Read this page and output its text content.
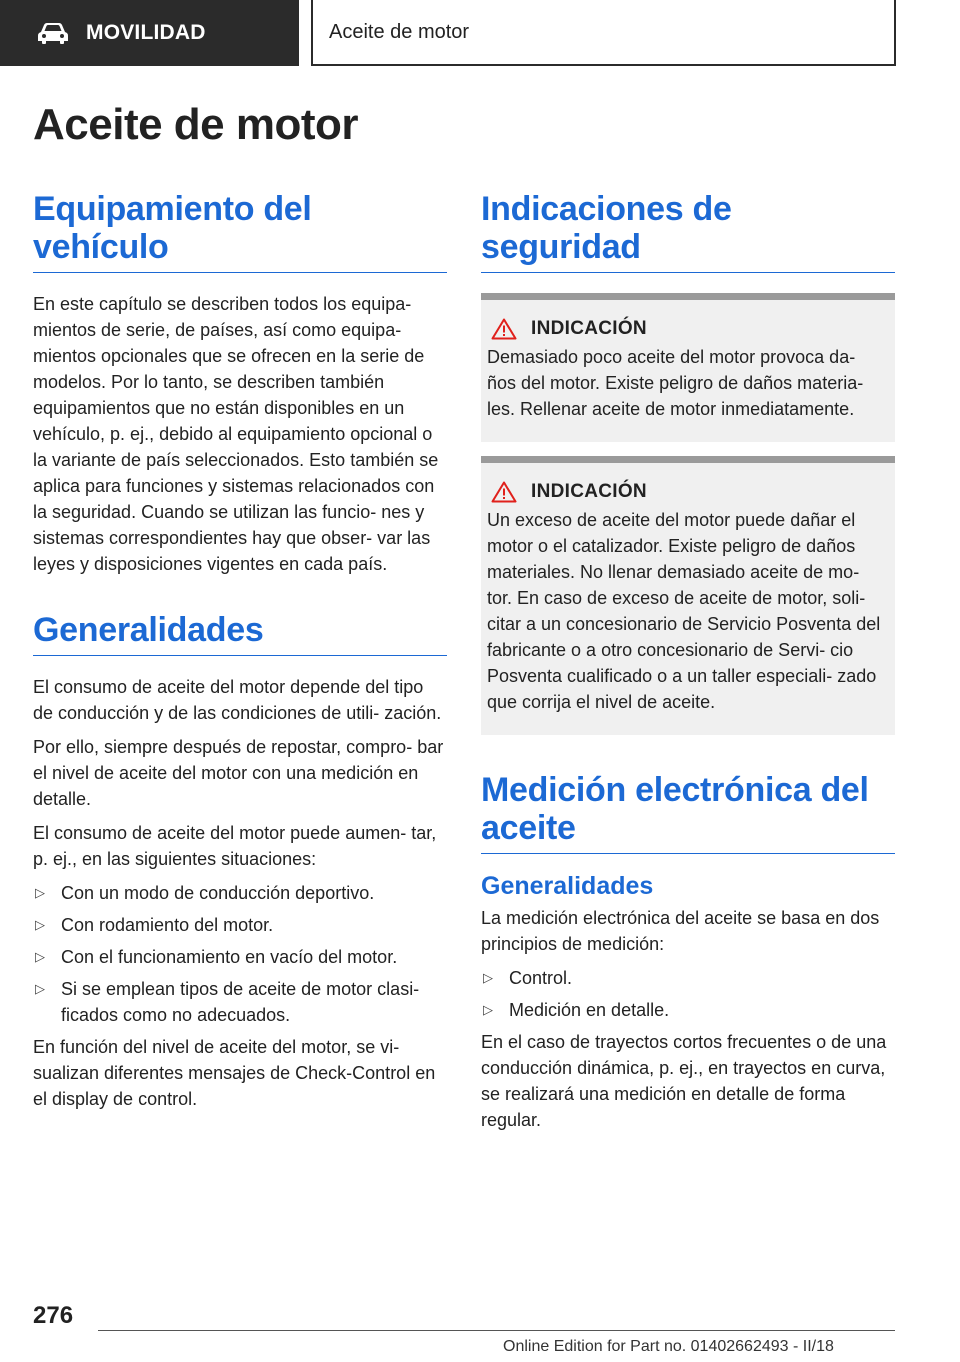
MOVILIDAD	Aceite de motor
Aceite de motor
Equipamiento del vehículo

En este capítulo se describen todos los equipa- mientos de serie, de países, así como equipa- mientos opcionales que se ofrecen en la serie de modelos. Por lo tanto, se describen también equipamientos que no están disponibles en un vehículo, p. ej., debido al equipamiento opcional o la variante de país seleccionados. Esto también se aplica para funciones y sistemas relacionados con la seguridad. Cuando se utilizan las funcio- nes y sistemas correspondientes hay que obser- var las leyes y disposiciones vigentes en cada país.

Generalidades

El consumo de aceite del motor depende del tipo de conducción y de las condiciones de utili- zación.

Por ello, siempre después de repostar, compro- bar el nivel de aceite del motor con una medición en detalle.

El consumo de aceite del motor puede aumen- tar, p. ej., en las siguientes situaciones:

▷ Con un modo de conducción deportivo.
▷ Con rodamiento del motor.
▷ Con el funcionamiento en vacío del motor.
▷ Si se emplean tipos de aceite de motor clasi- ficados como no adecuados.

En función del nivel de aceite del motor, se vi- sualizan diferentes mensajes de Check-Control en el display de control.

Indicaciones de seguridad
INDICACIÓN

Demasiado poco aceite del motor provoca da- ños del motor. Existe peligro de daños materia- les. Rellenar aceite de motor inmediatamente.

INDICACIÓN

Un exceso de aceite del motor puede dañar el motor o el catalizador. Existe peligro de daños materiales. No llenar demasiado aceite de mo- tor. En caso de exceso de aceite de motor, soli- citar a un concesionario de Servicio Posventa del fabricante o a otro concesionario de Servi- cio Posventa cualificado o a un taller especiali- zado que corrija el nivel de aceite.

Medición electrónica del aceite
Generalidades

La medición electrónica del aceite se basa en dos principios de medición:

▷ Control.
▷ Medición en detalle.

En el caso de trayectos cortos frecuentes o de una conducción dinámica, p. ej., en trayectos en curva, se realizará una medición en detalle de forma regular.

276
Online Edition for Part no. 01402662493 - II/18
